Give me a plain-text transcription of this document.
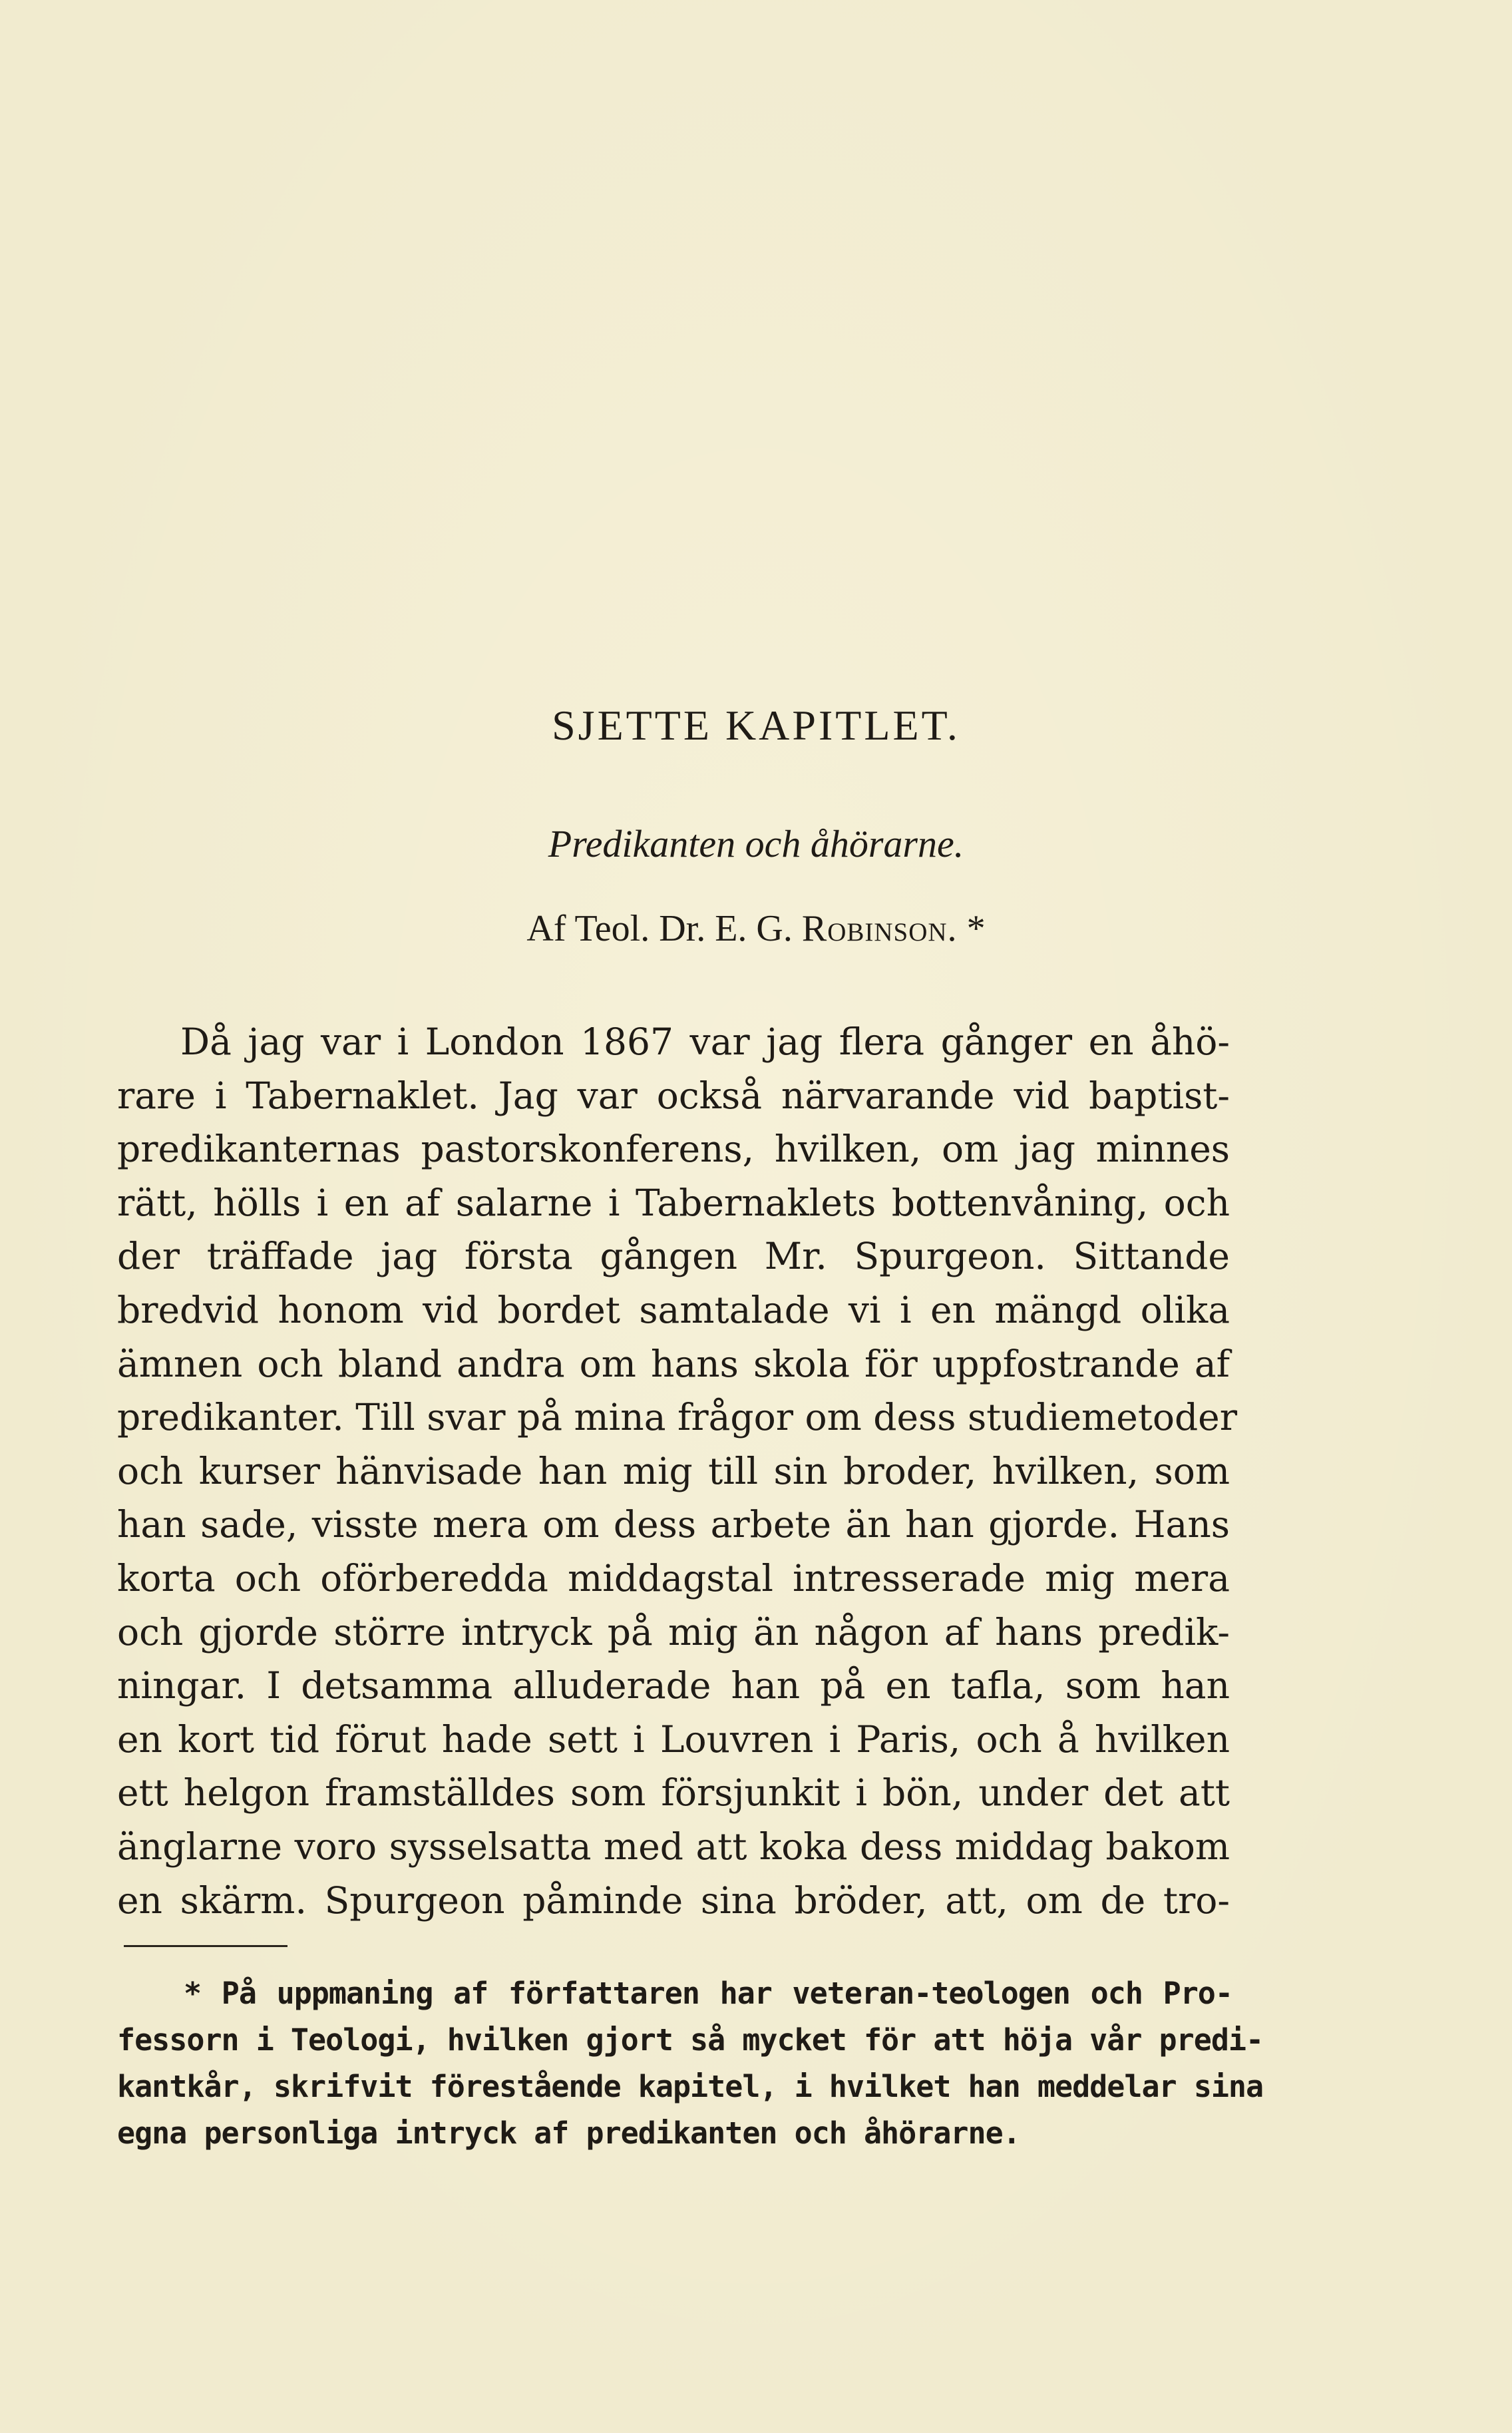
SJETTE KAPITLET.
Predikanten och åhörarne.
Af Teol. Dr. E. G. Robinson. *
Då jag var i London 1867 var jag flera gånger en åhö-
rare i Tabernaklet. Jag var också närvarande vid baptist-
predikanternas pastorskonferens, hvilken, om jag minnes
rätt, hölls i en af salarne i Tabernaklets bottenvåning, och
der träffade jag första gången Mr. Spurgeon. Sittande
bredvid honom vid bordet samtalade vi i en mängd olika
ämnen och bland andra om hans skola för uppfostrande af
predikanter. Till svar på mina frågor om dess studiemetoder
och kurser hänvisade han mig till sin broder, hvilken, som
han sade, visste mera om dess arbete än han gjorde. Hans
korta och oförberedda middagstal intresserade mig mera
och gjorde större intryck på mig än någon af hans predik-
ningar. I detsamma alluderade han på en tafla, som han
en kort tid förut hade sett i Louvren i Paris, och å hvilken
ett helgon framställdes som försjunkit i bön, under det att
änglarne voro sysselsatta med att koka dess middag bakom
en skärm. Spurgeon påminde sina bröder, att, om de tro-
* På uppmaning af författaren har veteran-teologen och Pro-
fessorn i Teologi, hvilken gjort så mycket för att höja vår predi-
kantkår, skrifvit förestående kapitel, i hvilket han meddelar sina
egna personliga intryck af predikanten och åhörarne.
